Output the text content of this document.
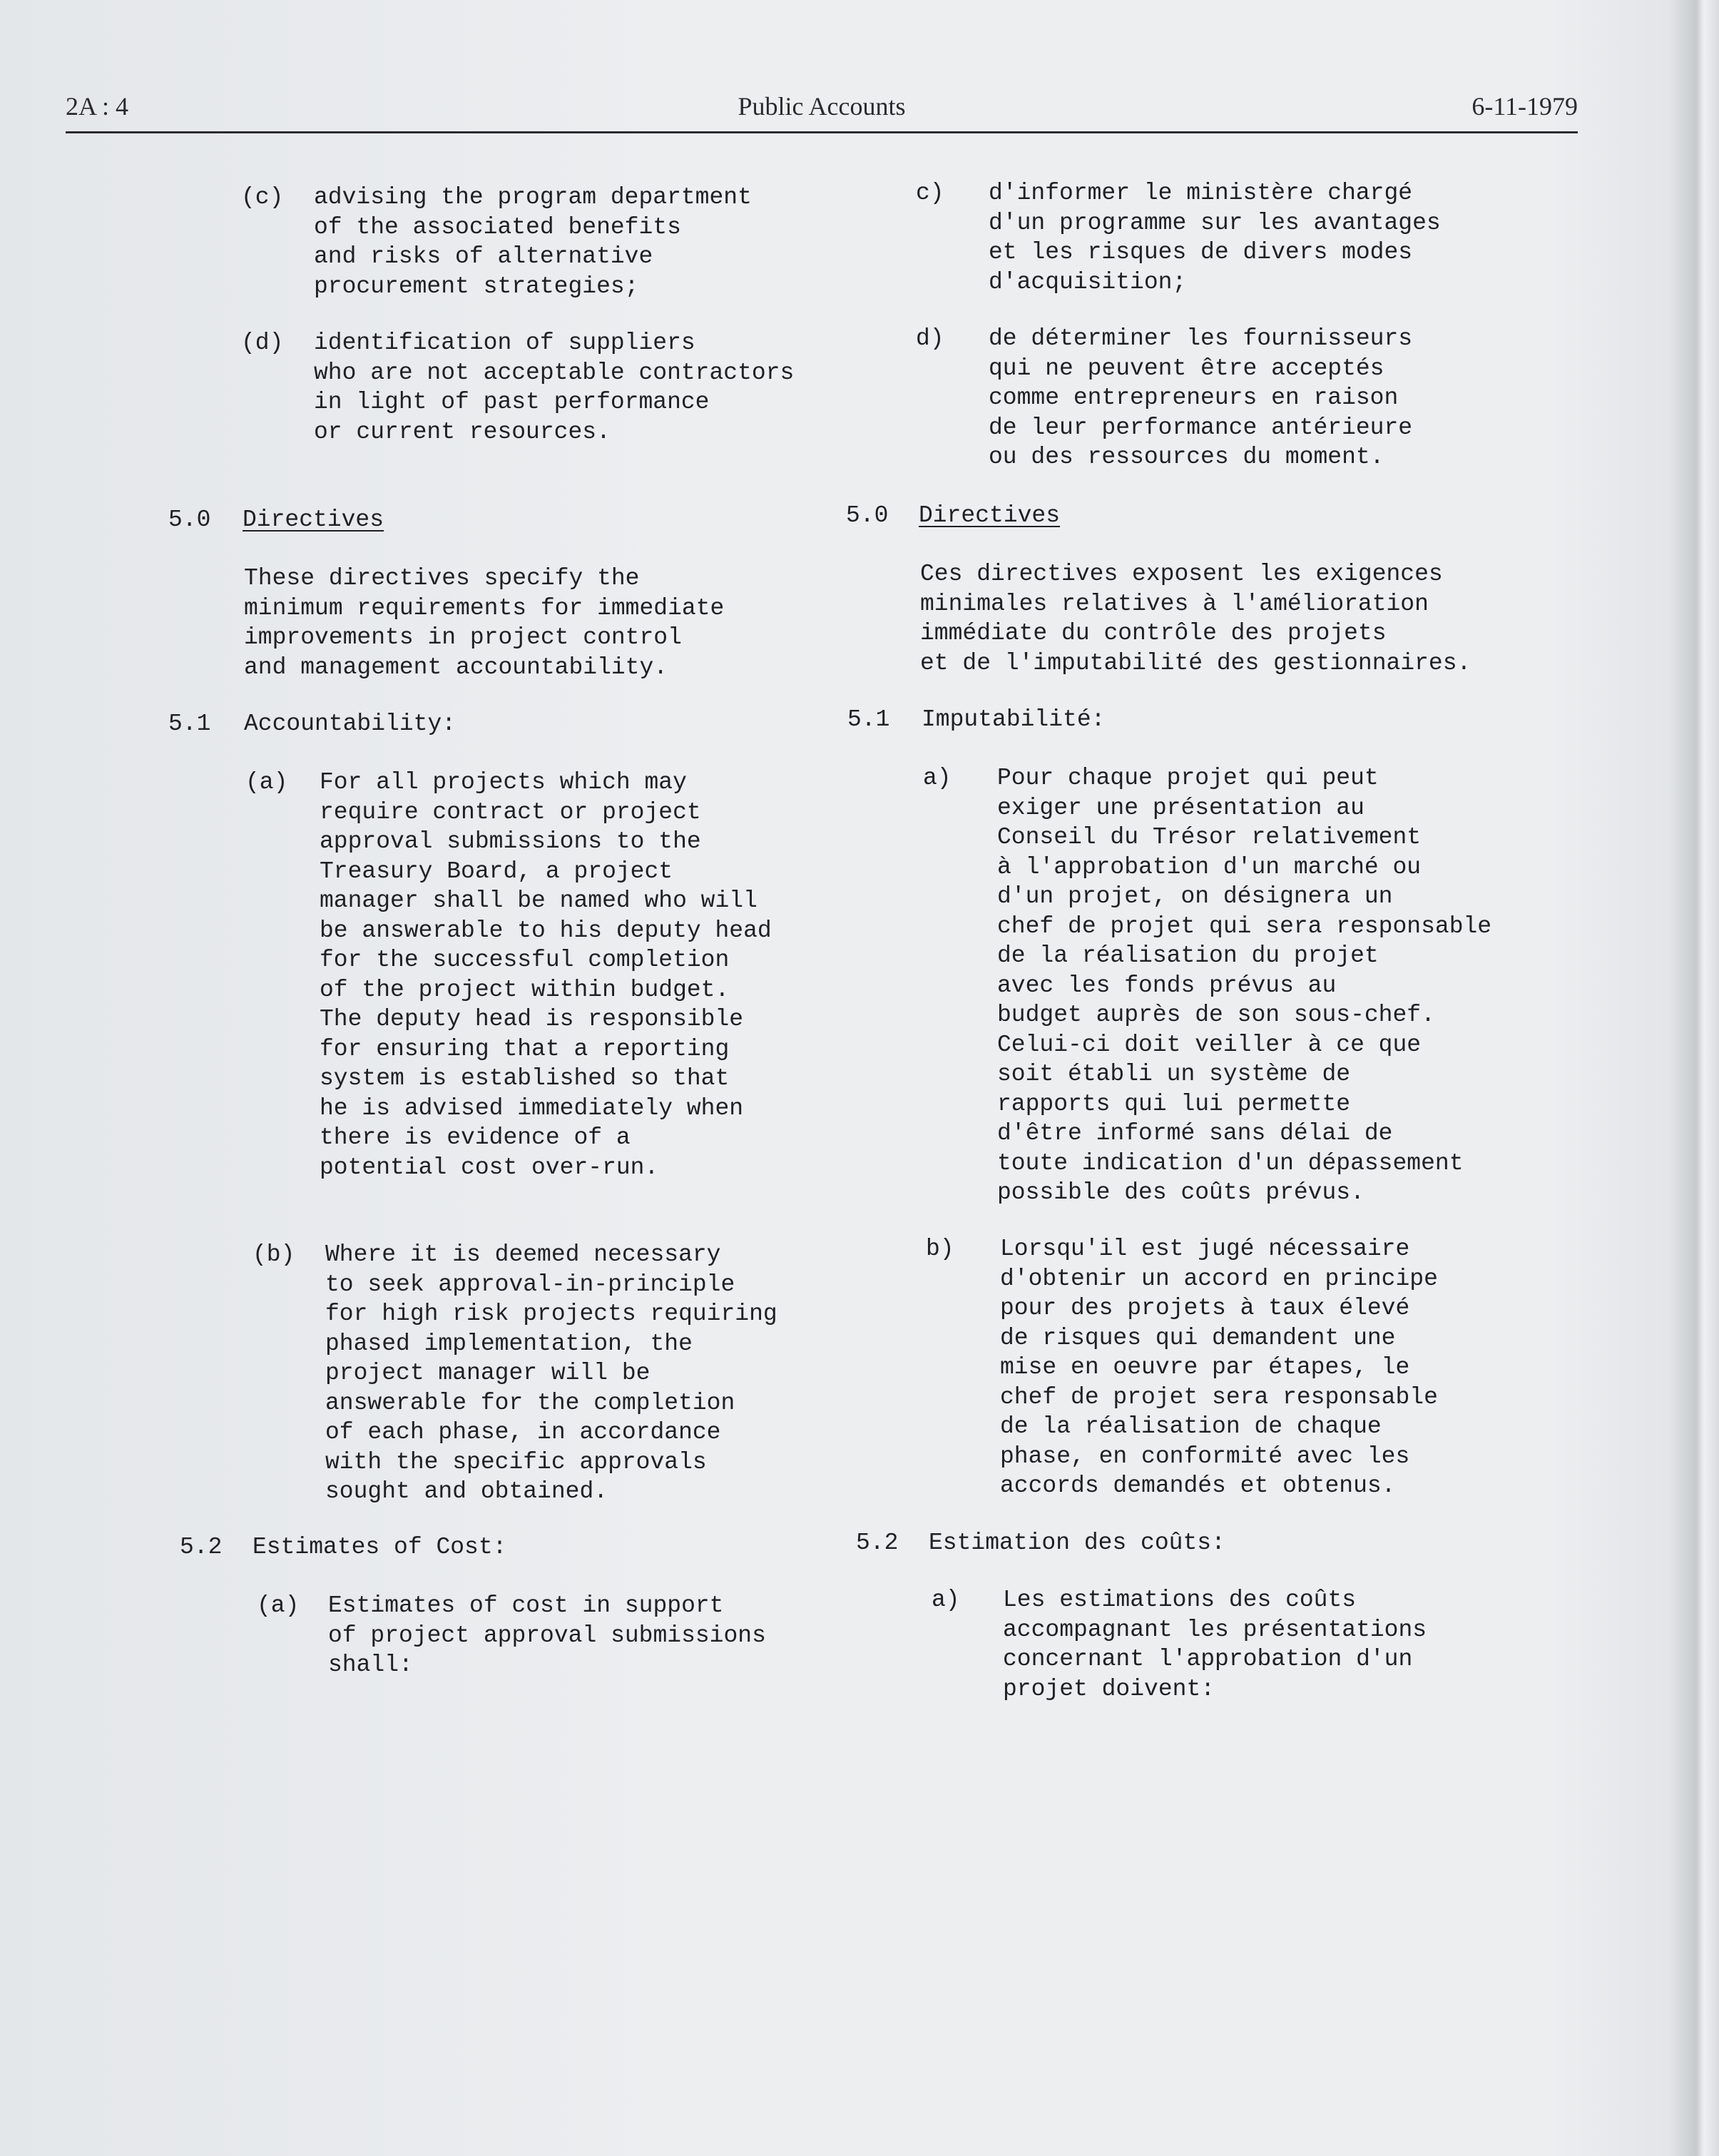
2A : 4	Public Accounts	6-11-1979
(c) advising the program department
of the associated benefits
and risks of alternative
procurement strategies;
(d) identification of suppliers
who are not acceptable contractors
in light of past performance
or current resources.
5.0 Directives
These directives specify the
minimum requirements for immediate
improvements in project control
and management accountability.
5.1 Accountability:
(a) For all projects which may
require contract or project
approval submissions to the
Treasury Board, a project
manager shall be named who will
be answerable to his deputy head
for the successful completion
of the project within budget.
The deputy head is responsible
for ensuring that a reporting
system is established so that
he is advised immediately when
there is evidence of a
potential cost over-run.
(b) Where it is deemed necessary
to seek approval-in-principle
for high risk projects requiring
phased implementation, the
project manager will be
answerable for the completion
of each phase, in accordance
with the specific approvals
sought and obtained.
5.2 Estimates of Cost:
(a) Estimates of cost in support
of project approval submissions
shall:
c) d'informer le ministère chargé
d'un programme sur les avantages
et les risques de divers modes
d'acquisition;
d) de déterminer les fournisseurs
qui ne peuvent être acceptés
comme entrepreneurs en raison
de leur performance antérieure
ou des ressources du moment.
5.0 Directives
Ces directives exposent les exigences
minimales relatives à l'amélioration
immédiate du contrôle des projets
et de l'imputabilité des gestionnaires.
5.1 Imputabilité:
a) Pour chaque projet qui peut
exiger une présentation au
Conseil du Trésor relativement
à l'approbation d'un marché ou
d'un projet, on désignera un
chef de projet qui sera responsable
de la réalisation du projet
avec les fonds prévus au
budget auprès de son sous-chef.
Celui-ci doit veiller à ce que
soit établi un système de
rapports qui lui permette
d'être informé sans délai de
toute indication d'un dépassement
possible des coûts prévus.
b) Lorsqu'il est jugé nécessaire
d'obtenir un accord en principe
pour des projets à taux élevé
de risques qui demandent une
mise en oeuvre par étapes, le
chef de projet sera responsable
de la réalisation de chaque
phase, en conformité avec les
accords demandés et obtenus.
5.2 Estimation des coûts:
a) Les estimations des coûts
accompagnant les présentations
concernant l'approbation d'un
projet doivent:
